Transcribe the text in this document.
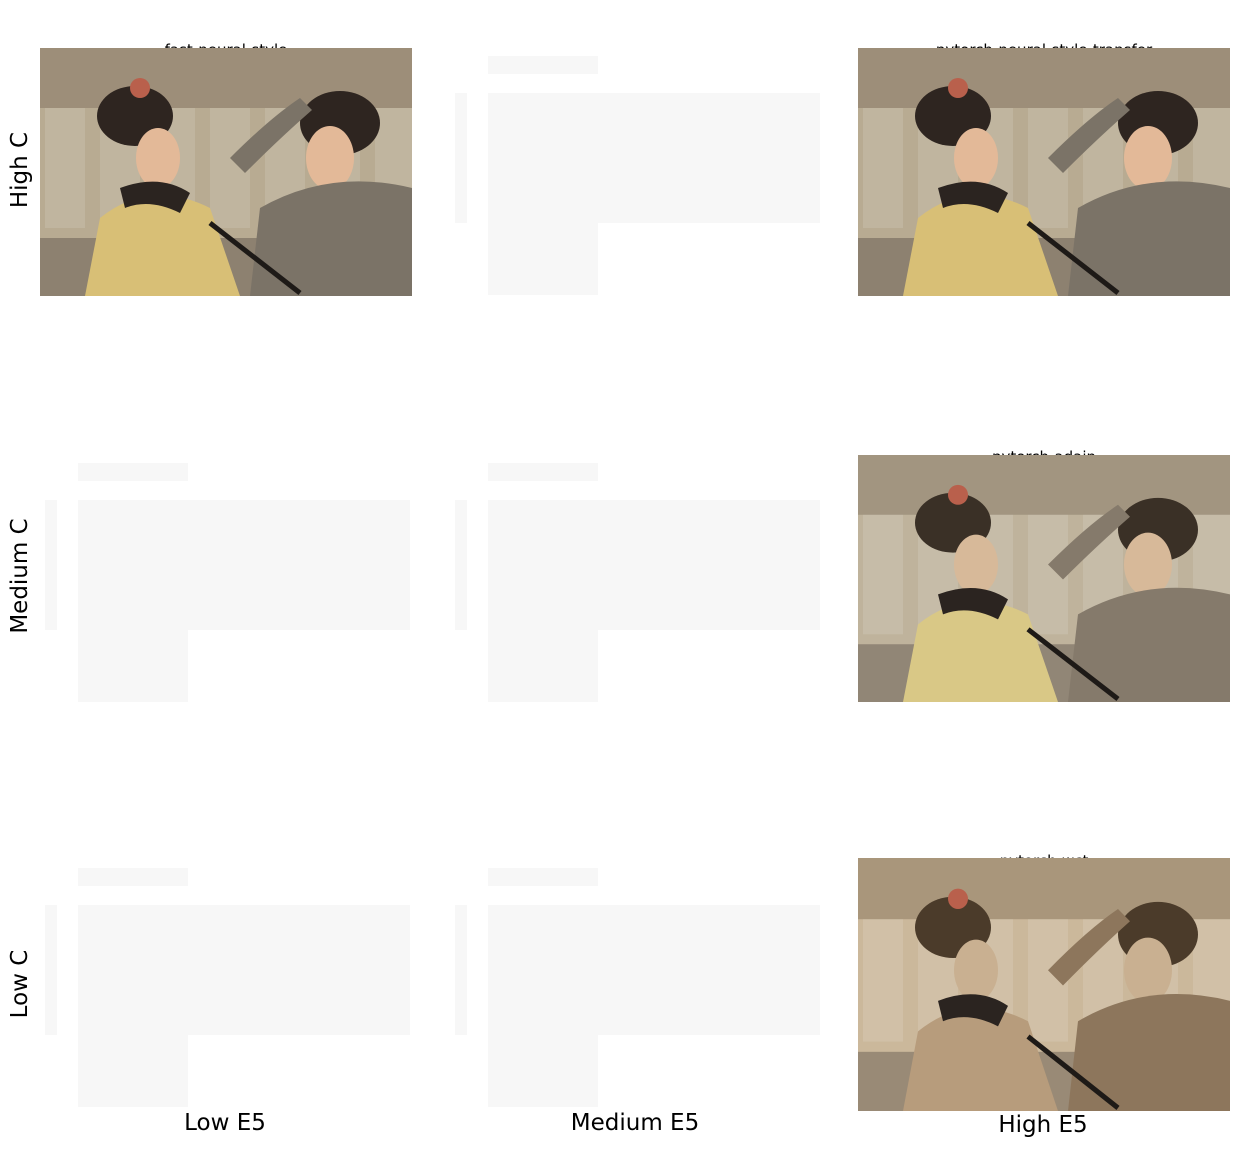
High C
Medium C
Low C
Low E5	Medium E5	High E5
